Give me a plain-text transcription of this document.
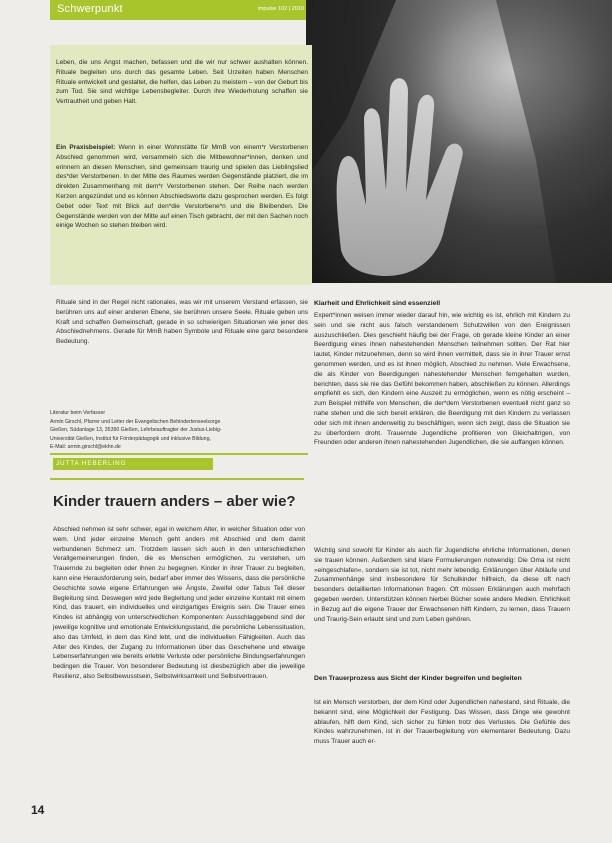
Schwerpunkt	impulse 102 | 2019

Leben, die uns Angst machen, befassen und die wir nur schwer aushalten können. Rituale begleiten uns durch das gesamte Leben. Seit Urzeiten haben Menschen Rituale entwickelt und gestaltet, die helfen, das Leben zu meistern – von der Geburt bis zum Tod. Sie sind wichtige Lebensbegleiter. Durch ihre Wiederholung schaffen sie Vertrautheit und geben Halt.

Ein Praxisbeispiel: Wenn in einer Wohnstätte für MmB von einem*r Verstorbenen Abschied genommen wird, versammeln sich die Mitbewohner*innen, denken und erinnern an diesen Menschen, sind gemeinsam traurig und spielen das Lieblingslied des*der Verstorbenen. In der Mitte des Raumes werden Gegenstände platziert, die im direkten Zusammenhang mit dem*r Verstorbenen stehen. Der Reihe nach werden Kerzen angezündet und es können Abschiedsworte dazu gesprochen werden. Es folgt Gebet oder Text mit Blick auf den*die Verstorbene*n und die Bleibenden. Die Gegenstände werden von der Mitte auf einen Tisch gebracht, der mit den Sachen noch einige Wochen so stehen bleiben wird.

Rituale sind in der Regel nicht rationales, was wir mit unserem Verstand erfassen, sie berühren uns auf einer anderen Ebene, sie berühren unsere Seele. Rituale geben uns Kraft und schaffen Gemeinschaft, gerade in so schwierigen Situationen wie jener des Abschiednehmens. Gerade für MmB haben Symbole und Rituale eine ganz besondere Bedeutung.

Literatur beim Verfasser
Armin Girschl, Pfarrer und Leiter der Evangelischen Behindertenseelsorge
Gießen, Südanlage 13, 35390 Gießen, Lehrbeauftragter der Justus-Liebig-
Universität Gießen, Institut für Förderpädagogik und inklusive Bildung,
E-Mail: armin.girschl@ekhn.de
JUTTA HEBERLING
Kinder trauern anders – aber wie?

Abschied nehmen ist sehr schwer, egal in welchem Alter, in welcher Situation oder von wem. Und jeder einzelne Mensch geht anders mit Abschied und dem damit verbundenen Schmerz um. Trotzdem lassen sich auch in den unterschiedlichen Verallgemeinerungen finden, die es Menschen ermöglichen, zu verstehen, um Trauernde zu begleiten oder ihnen zu begegnen. Kinder in ihrer Trauer zu begleiten, kann eine Herausforderung sein, bedarf aber immer des Wissens, dass die persönliche Geschichte sowie eigene Erfahrungen wie Ängste, Zweifel oder Tabus Teil dieser Begleitung sind. Deswegen wird jede Begleitung und jeder einzelne Kontakt mit einem Kind, das trauert, ein individuelles und einzigartiges Ereignis sein. Die Trauer eines Kindes ist abhängig von unterschiedlichen Komponenten: Ausschlaggebend sind der jeweilige kognitive und emotionale Entwicklungsstand, die persönliche Lebenssituation, also das Umfeld, in dem das Kind lebt, und die individuellen Fähigkeiten. Auch das Alter des Kindes, der Zugang zu Informationen über das Geschehene und etwaige Lebenserfahrungen wie bereits erlebte Verluste oder persönliche Bindungserfahrungen bedingen die Trauer. Von besonderer Bedeutung ist diesbezüglich aber die jeweilige Resilienz, also Selbstbewusstsein, Selbstwirksamkeit und Selbstvertrauen.

Klarheit und Ehrlichkeit sind essenziell

Expert*innen weisen immer wieder darauf hin, wie wichtig es ist, ehrlich mit Kindern zu sein und sie nicht aus falsch verstandenem Schutzwillen von den Ereignissen auszuschließen. Dies geschieht häufig bei der Frage, ob gerade kleine Kinder an einer Beerdigung eines ihnen nahestehenden Menschen teilnehmen sollten. Der Rat hier lautet, Kinder mitzunehmen, denn so wird ihnen vermittelt, dass sie in ihrer Trauer ernst genommen werden, und es ist ihnen möglich, Abschied zu nehmen. Viele Erwachsene, die als Kinder von Beerdigungen nahestehender Menschen ferngehalten wurden, berichten, dass sie nie das Gefühl bekommen haben, abschließen zu können. Allerdings empfiehlt es sich, den Kindern eine Auszeit zu ermöglichen, wenn es nötig erscheint – zum Beispiel mithilfe von Menschen, die der*dem Verstorbenen eventuell nicht ganz so nahe stehen und die sich bereit erklären, die Beerdigung mit den Kindern zu verlassen oder sich mit ihnen anderweitig zu beschäftigen, wenn sich zeigt, dass die Situation sie zu überfordern droht. Trauernde Jugendliche profitieren von Gleichaltrigen, von Freunden oder anderen ihnen nahestehenden Jugendlichen, die sie auffangen können.

Wichtig sind sowohl für Kinder als auch für Jugendliche ehrliche Informationen, denen sie trauen können. Außerdem sind klare Formulierungen notwendig: Die Oma ist nicht »eingeschlafen«, sondern sie ist tot, nicht mehr lebendig. Erklärungen über Abläufe und Zusammenhänge sind insbesondere für Schulkinder hilfreich, da diese oft nach besonders detaillierten Informationen fragen. Oft müssen Erklärungen auch mehrfach gegeben werden. Unterstützen können hierbei Bücher sowie andere Medien. Ehrlichkeit in Bezug auf die eigene Trauer der Erwachsenen hilft Kindern, zu lernen, dass Trauern und Traurig-Sein erlaubt sind und zum Leben gehören.

Den Trauerprozess aus Sicht der Kinder begreifen und begleiten

Ist ein Mensch verstorben, der dem Kind oder Jugendlichen nahestand, sind Rituale, die bekannt sind, eine Möglichkeit der Festigung. Das Wissen, dass Dinge wie gewohnt ablaufen, hilft dem Kind, sich sicher zu fühlen trotz des Verlustes. Die Gefühle des Kindes wahrzunehmen, ist in der Trauerbegleitung von elementarer Bedeutung. Dazu muss Trauer auch er-

14
